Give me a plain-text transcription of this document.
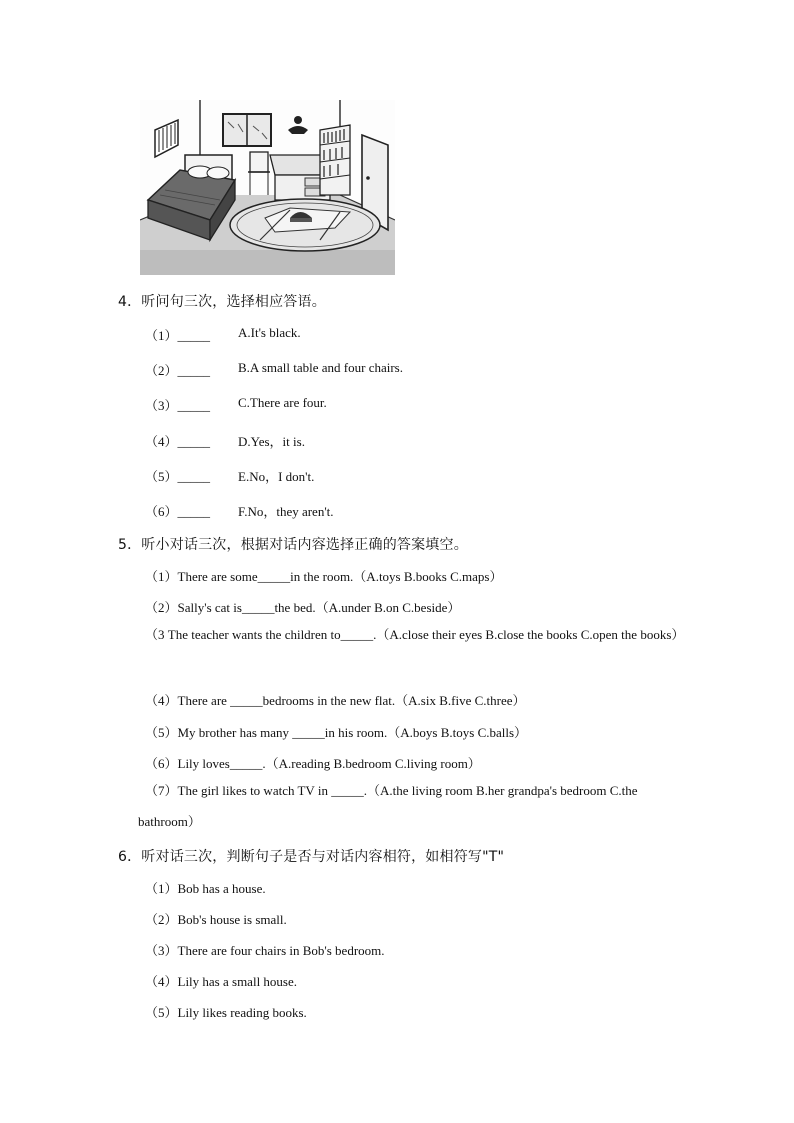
4．听问句三次，选择相应答语。
（1）_____ A.It's black.
（2）_____ B.A small table and four chairs.
（3）_____ C.There are four.
（4）_____ D.Yes，it is.
（5）_____ E.No，I don't.
（6）_____ F.No，they aren't.
5．听小对话三次，根据对话内容选择正确的答案填空。
（1）There are some_____in the room.（A.toys B.books C.maps）
（2）Sally's cat is_____the bed.（A.under B.on C.beside）
（3 The teacher wants the children to_____.（A.close their eyes B.close the books C.open the books）
（4）There are _____bedrooms in the new flat.（A.six B.five C.three）
（5）My brother has many _____in his room.（A.boys B.toys C.balls）
（6）Lily loves_____.（A.reading B.bedroom C.living room）
（7）The girl likes to watch TV in _____.（A.the living room B.her grandpa's bedroom C.the bathroom）
6．听对话三次，判断句子是否与对话内容相符，如相符写"T"
（1）Bob has a house.
（2）Bob's house is small.
（3）There are four chairs in Bob's bedroom.
（4）Lily has a small house.
（5）Lily likes reading books.
